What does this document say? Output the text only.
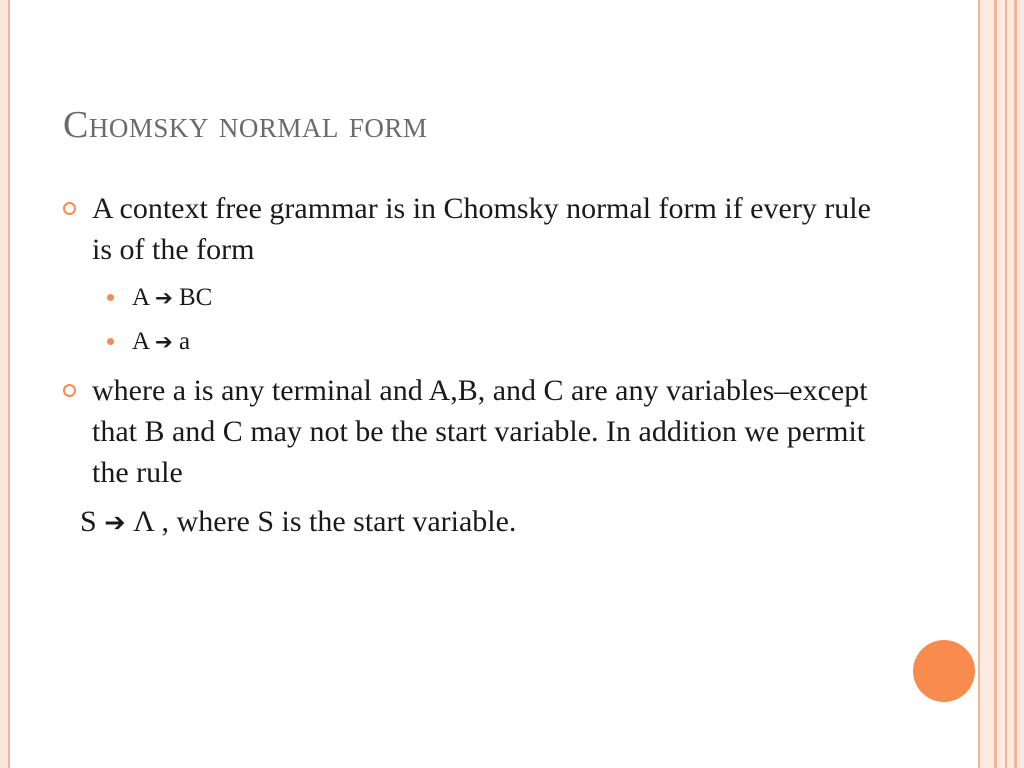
Chomsky normal form
A context free grammar is in Chomsky normal form if every rule is of the form
A ➔ BC
A ➔ a
where a is any terminal and A,B, and C are any variables–except that B and C may not be the start variable. In addition we permit the rule
S ➔ Λ , where S is the start variable.
